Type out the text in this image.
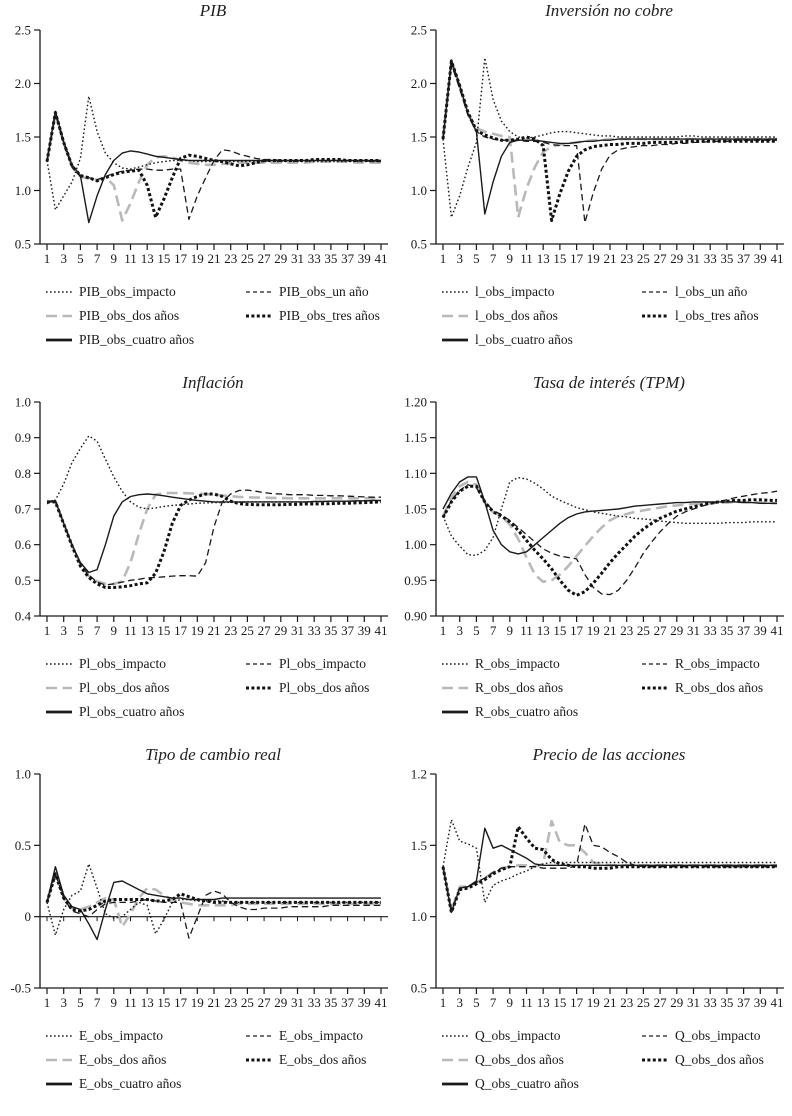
PIB
2.5
2.0
1.5
1.0
0.5
1 3 5 7 9 11 13 15 17 19 21 23 25 27 29 31 33 35 37 39 41
PIB_obs_impacto	PIB_obs_un año
PIB_obs_dos años	PIB_obs_tres años
PIB_obs_cuatro años
Inversión no cobre
2.5
2.0
1.5
1.0
0.5
1 3 5 7 9 11 13 15 17 19 21 23 25 27 29 31 33 35 37 39 41
l_obs_impacto	l_obs_un año
l_obs_dos años	l_obs_tres años
l_obs_cuatro años
Inflación
1.0
0.9
0.8
0.7
0.6
0.5
0.4
1 3 5 7 9 11 13 15 17 19 21 23 25 27 29 31 33 35 37 39 41
Pl_obs_impacto	Pl_obs_impacto
Pl_obs_dos años	Pl_obs_dos años
Pl_obs_cuatro años
Tasa de interés (TPM)
1.20
1.15
1.10
1.05
1.00
0.95
0.90
1 3 5 7 9 11 13 15 17 19 21 23 25 27 29 31 33 35 37 39 41
R_obs_impacto	R_obs_impacto
R_obs_dos años	R_obs_dos años
R_obs_cuatro años
Tipo de cambio real
1.0
0.5
0
-0.5
1 3 5 7 9 11 13 15 17 19 21 23 25 27 29 31 33 35 37 39 41
E_obs_impacto	E_obs_impacto
E_obs_dos años	E_obs_dos años
E_obs_cuatro años
Precio de las acciones
1.2
1.5
1.0
0.5
1 3 5 7 9 11 13 15 17 19 21 23 25 27 29 31 33 35 37 39 41
Q_obs_impacto	Q_obs_impacto
Q_obs_dos años	Q_obs_dos años
Q_obs_cuatro años
